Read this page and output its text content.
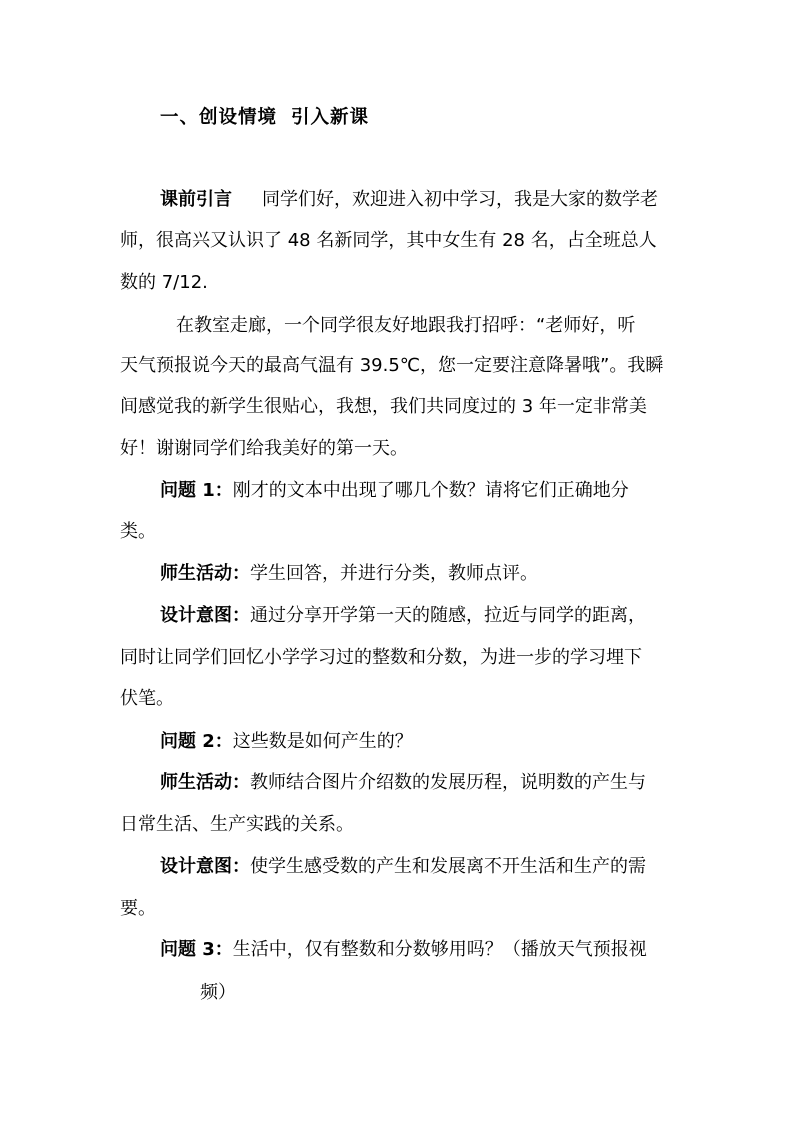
一、创设情境 引入新课
课前引言 同学们好，欢迎进入初中学习，我是大家的数学老
师，很高兴又认识了 48 名新同学，其中女生有 28 名，占全班总人
数的 7/12.
在教室走廊，一个同学很友好地跟我打招呼：“老师好，听
天气预报说今天的最高气温有 39.5℃，您一定要注意降暑哦”。我瞬
间感觉我的新学生很贴心，我想，我们共同度过的 3 年一定非常美
好！谢谢同学们给我美好的第一天。
问题 1：刚才的文本中出现了哪几个数？请将它们正确地分
类。
师生活动：学生回答，并进行分类，教师点评。
设计意图：通过分享开学第一天的随感，拉近与同学的距离，
同时让同学们回忆小学学习过的整数和分数，为进一步的学习埋下
伏笔。
问题 2：这些数是如何产生的？
师生活动：教师结合图片介绍数的发展历程，说明数的产生与
日常生活、生产实践的关系。
设计意图：使学生感受数的产生和发展离不开生活和生产的需
要。
问题 3：生活中，仅有整数和分数够用吗？（播放天气预报视
频）
